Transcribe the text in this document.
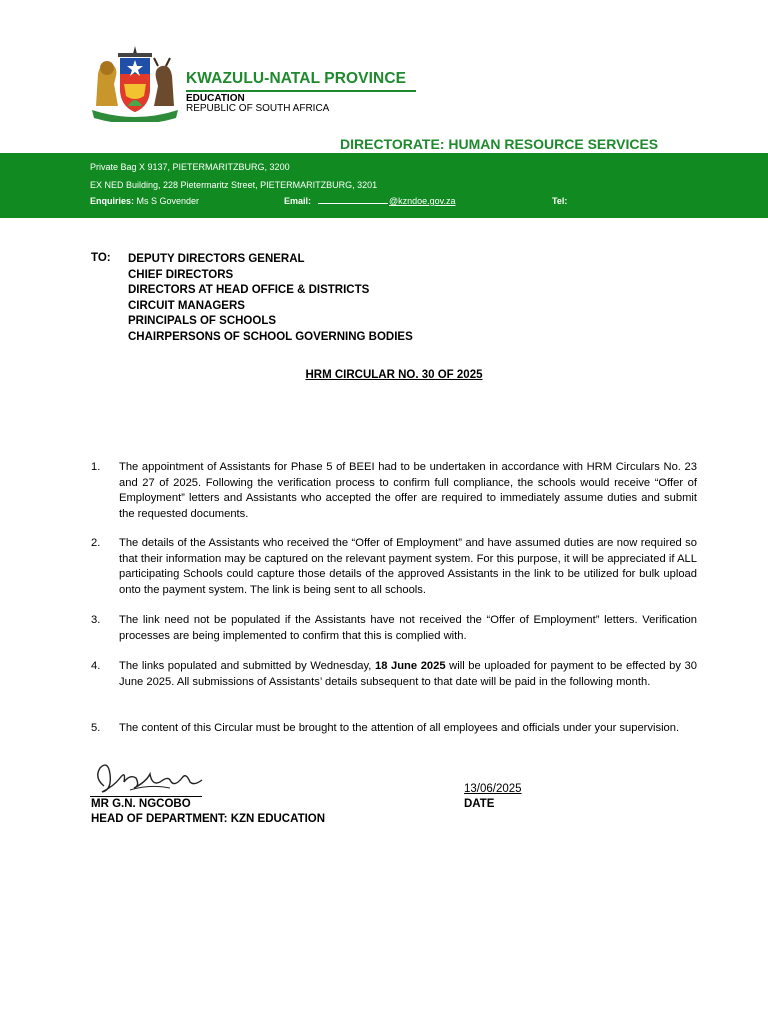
KWAZULU-NATAL PROVINCE
EDUCATION
REPUBLIC OF SOUTH AFRICA
DIRECTORATE: HUMAN RESOURCE SERVICES
Private Bag X 9137, PIETERMARITZBURG, 3200
EX NED Building, 228 Pietermaritz Street, PIETERMARITZBURG, 3201
Enquiries: Ms S Govender	Email:	@kzndoe.gov.za	Tel:
TO: DEPUTY DIRECTORS GENERAL
CHIEF DIRECTORS
DIRECTORS AT HEAD OFFICE & DISTRICTS
CIRCUIT MANAGERS
PRINCIPALS OF SCHOOLS
CHAIRPERSONS OF SCHOOL GOVERNING BODIES
HRM CIRCULAR NO. 30 OF 2025
1. The appointment of Assistants for Phase 5 of BEEI had to be undertaken in accordance with HRM Circulars No. 23 and 27 of 2025. Following the verification process to confirm full compliance, the schools would receive “Offer of Employment” letters and Assistants who accepted the offer are required to immediately assume duties and submit the requested documents.
2. The details of the Assistants who received the “Offer of Employment” and have assumed duties are now required so that their information may be captured on the relevant payment system. For this purpose, it will be appreciated if ALL participating Schools could capture those details of the approved Assistants in the link to be utilized for bulk upload onto the payment system. The link is being sent to all schools.
3. The link need not be populated if the Assistants have not received the “Offer of Employment” letters. Verification processes are being implemented to confirm that this is complied with.
4. The links populated and submitted by Wednesday, 18 June 2025 will be uploaded for payment to be effected by 30 June 2025. All submissions of Assistants’ details subsequent to that date will be paid in the following month.
5. The content of this Circular must be brought to the attention of all employees and officials under your supervision.
MR G.N. NGCOBO
HEAD OF DEPARTMENT: KZN EDUCATION
13/06/2025
DATE
